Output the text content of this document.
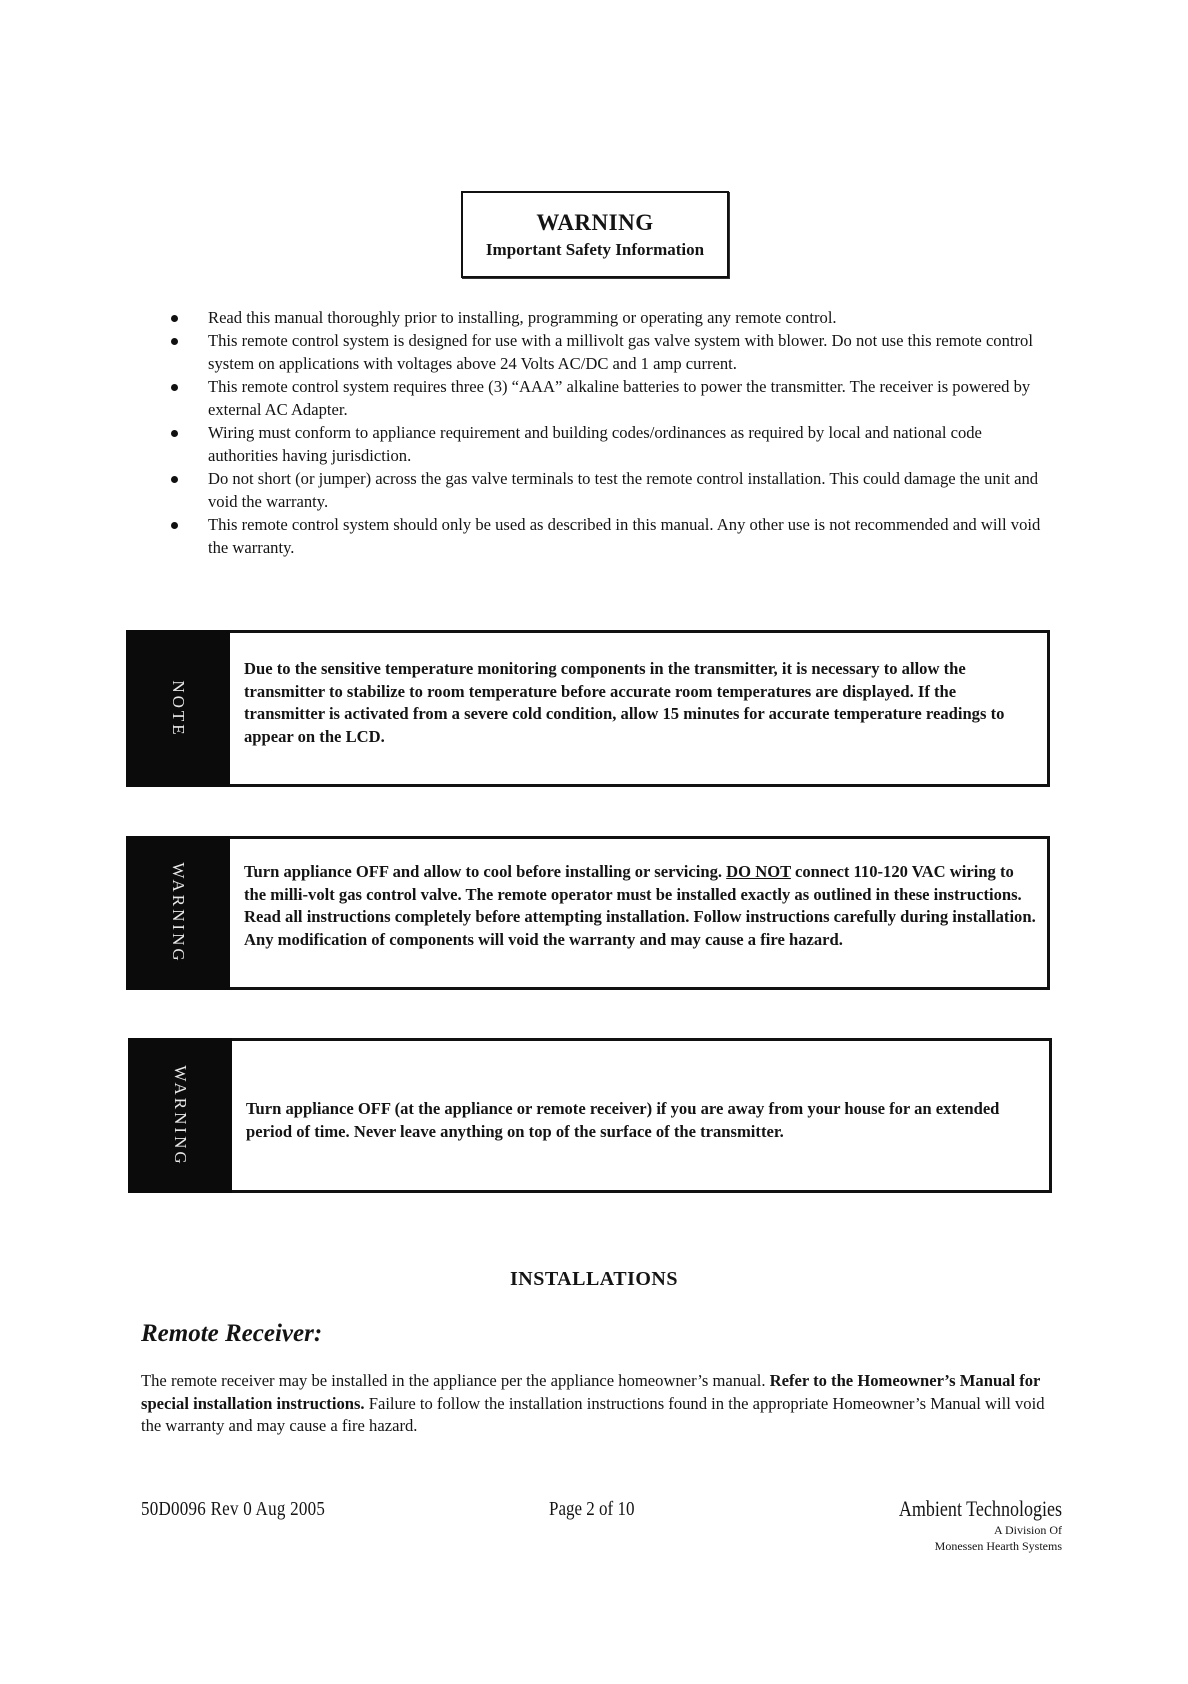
WARNING
Important Safety Information
Read this manual thoroughly prior to installing, programming or operating any remote control.
This remote control system is designed for use with a millivolt gas valve system with blower. Do not use this remote control system on applications with voltages above 24 Volts AC/DC and 1 amp current.
This remote control system requires three (3) “AAA” alkaline batteries to power the transmitter. The receiver is powered by external AC Adapter.
Wiring must conform to appliance requirement and building codes/ordinances as required by local and national code authorities having jurisdiction.
Do not short (or jumper) across the gas valve terminals to test the remote control installation. This could damage the unit and void the warranty.
This remote control system should only be used as described in this manual. Any other use is not recommended and will void the warranty.
NOTE
Due to the sensitive temperature monitoring components in the transmitter, it is necessary to allow the transmitter to stabilize to room temperature before accurate room temperatures are displayed. If the transmitter is activated from a severe cold condition, allow 15 minutes for accurate temperature readings to appear on the LCD.
WARNING	Turn appliance OFF and allow to cool before installing or servicing. DO NOT connect 110-120 VAC wiring to the milli-volt gas control valve. The remote operator must be installed exactly as outlined in these instructions. Read all instructions completely before attempting installation. Follow instructions carefully during installation. Any modification of components will void the warranty and may cause a fire hazard.
WARNING	Turn appliance OFF (at the appliance or remote receiver) if you are away from your house for an extended period of time. Never leave anything on top of the surface of the transmitter.
INSTALLATIONS
Remote Receiver:
The remote receiver may be installed in the appliance per the appliance homeowner’s manual. Refer to the Homeowner’s Manual for special installation instructions. Failure to follow the installation instructions found in the appropriate Homeowner’s Manual will void the warranty and may cause a fire hazard.
50D0096 Rev 0 Aug 2005	Page 2 of 10	Ambient Technologies
A Division Of
Monessen Hearth Systems
